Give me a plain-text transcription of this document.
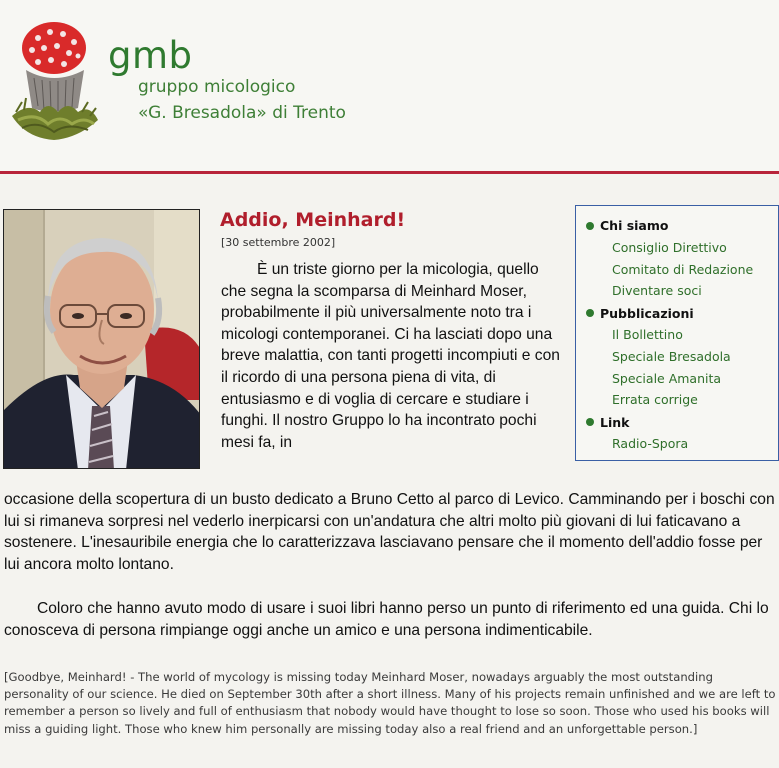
gmb
gruppo micologico
«G. Bresadola» di Trento
Addio, Meinhard!
[30 settembre 2002]
È un triste giorno per la micologia, quello che segna la scomparsa di Meinhard Moser, probabilmente il più universalmente noto tra i micologi contemporanei. Ci ha lasciati dopo una breve malattia, con tanti progetti incompiuti e con il ricordo di una persona piena di vita, di entusiasmo e di voglia di cercare e studiare i funghi. Il nostro Gruppo lo ha incontrato pochi mesi fa, in
occasione della scopertura di un busto dedicato a Bruno Cetto al parco di Levico. Camminando per i boschi con lui si rimaneva sorpresi nel vederlo inerpicarsi con un'andatura che altri molto più giovani di lui faticavano a sostenere. L'inesauribile energia che lo caratterizzava lasciavano pensare che il momento dell'addio fosse per lui ancora molto lontano.
Coloro che hanno avuto modo di usare i suoi libri hanno perso un punto di riferimento ed una guida. Chi lo conosceva di persona rimpiange oggi anche un amico e una persona indimenticabile.
[Goodbye, Meinhard! - The world of mycology is missing today Meinhard Moser, nowadays arguably the most outstanding personality of our science. He died on September 30th after a short illness. Many of his projects remain unfinished and we are left to remember a person so lively and full of enthusiasm that nobody would have thought to lose so soon. Those who used his books will miss a guiding light. Those who knew him personally are missing today also a real friend and an unforgettable person.]
Chi siamo
Consiglio Direttivo
Comitato di Redazione
Diventare soci
Pubblicazioni
Il Bollettino
Speciale Bresadola
Speciale Amanita
Errata corrige
Link
Radio-Spora
